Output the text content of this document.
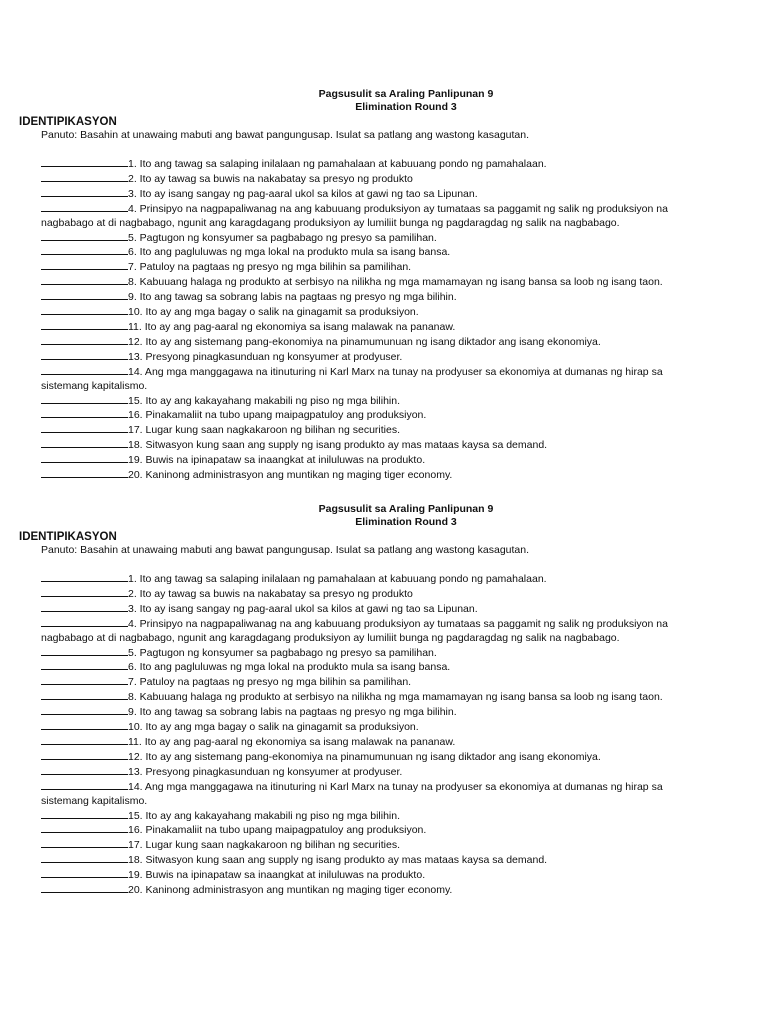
Pagsusulit sa Araling Panlipunan 9
Elimination Round 3
IDENTIPIKASYON
Panuto: Basahin at unawaing mabuti ang bawat pangungusap. Isulat sa patlang ang wastong kasagutan.
1. Ito ang tawag sa salaping inilalaan ng pamahalaan at kabuuang pondo ng pamahalaan.
2. Ito ay tawag sa buwis na nakabatay sa presyo ng produkto
3. Ito ay isang sangay ng pag-aaral ukol sa kilos at gawi ng tao sa Lipunan.
4. Prinsipyo na nagpapaliwanag na ang kabuuang produksiyon ay tumataas sa paggamit ng salik ng produksiyon na
nagbabago at di nagbabago, ngunit ang karagdagang produksiyon ay lumiliit bunga ng pagdaragdag ng salik na nagbabago.
5. Pagtugon ng konsyumer sa pagbabago ng presyo sa pamilihan.
6. Ito ang pagluluwas ng mga lokal na produkto mula sa isang bansa.
7. Patuloy na pagtaas ng presyo ng mga bilihin sa pamilihan.
8. Kabuuang halaga ng produkto at serbisyo na nilikha ng mga mamamayan ng isang bansa sa loob ng isang taon.
9. Ito ang tawag sa sobrang labis na pagtaas ng presyo ng mga bilihin.
10. Ito ay ang mga bagay o salik na ginagamit sa produksiyon.
11. Ito ay ang pag-aaral ng ekonomiya sa isang malawak na pananaw.
12. Ito ay ang sistemang pang-ekonomiya na pinamumunuan ng isang diktador ang isang ekonomiya.
13. Presyong pinagkasunduan ng konsyumer at prodyuser.
14. Ang mga manggagawa na itinuturing ni Karl Marx na tunay na prodyuser sa ekonomiya at dumanas ng hirap sa
sistemang kapitalismo.
15. Ito ay ang kakayahang makabili ng piso ng mga bilihin.
16. Pinakamaliit na tubo upang maipagpatuloy ang produksiyon.
17. Lugar kung saan nagkakaroon ng bilihan ng securities.
18. Sitwasyon kung saan ang supply ng isang produkto ay mas mataas kaysa sa demand.
19. Buwis na ipinapataw sa inaangkat at iniluluwas na produkto.
20. Kaninong administrasyon ang muntikan ng maging tiger economy.
Pagsusulit sa Araling Panlipunan 9
Elimination Round 3
IDENTIPIKASYON
Panuto: Basahin at unawaing mabuti ang bawat pangungusap. Isulat sa patlang ang wastong kasagutan.
1. Ito ang tawag sa salaping inilalaan ng pamahalaan at kabuuang pondo ng pamahalaan.
2. Ito ay tawag sa buwis na nakabatay sa presyo ng produkto
3. Ito ay isang sangay ng pag-aaral ukol sa kilos at gawi ng tao sa Lipunan.
4. Prinsipyo na nagpapaliwanag na ang kabuuang produksiyon ay tumataas sa paggamit ng salik ng produksiyon na
nagbabago at di nagbabago, ngunit ang karagdagang produksiyon ay lumiliit bunga ng pagdaragdag ng salik na nagbabago.
5. Pagtugon ng konsyumer sa pagbabago ng presyo sa pamilihan.
6. Ito ang pagluluwas ng mga lokal na produkto mula sa isang bansa.
7. Patuloy na pagtaas ng presyo ng mga bilihin sa pamilihan.
8. Kabuuang halaga ng produkto at serbisyo na nilikha ng mga mamamayan ng isang bansa sa loob ng isang taon.
9. Ito ang tawag sa sobrang labis na pagtaas ng presyo ng mga bilihin.
10. Ito ay ang mga bagay o salik na ginagamit sa produksiyon.
11. Ito ay ang pag-aaral ng ekonomiya sa isang malawak na pananaw.
12. Ito ay ang sistemang pang-ekonomiya na pinamumunuan ng isang diktador ang isang ekonomiya.
13. Presyong pinagkasunduan ng konsyumer at prodyuser.
14. Ang mga manggagawa na itinuturing ni Karl Marx na tunay na prodyuser sa ekonomiya at dumanas ng hirap sa
sistemang kapitalismo.
15. Ito ay ang kakayahang makabili ng piso ng mga bilihin.
16. Pinakamaliit na tubo upang maipagpatuloy ang produksiyon.
17. Lugar kung saan nagkakaroon ng bilihan ng securities.
18. Sitwasyon kung saan ang supply ng isang produkto ay mas mataas kaysa sa demand.
19. Buwis na ipinapataw sa inaangkat at iniluluwas na produkto.
20. Kaninong administrasyon ang muntikan ng maging tiger economy.
